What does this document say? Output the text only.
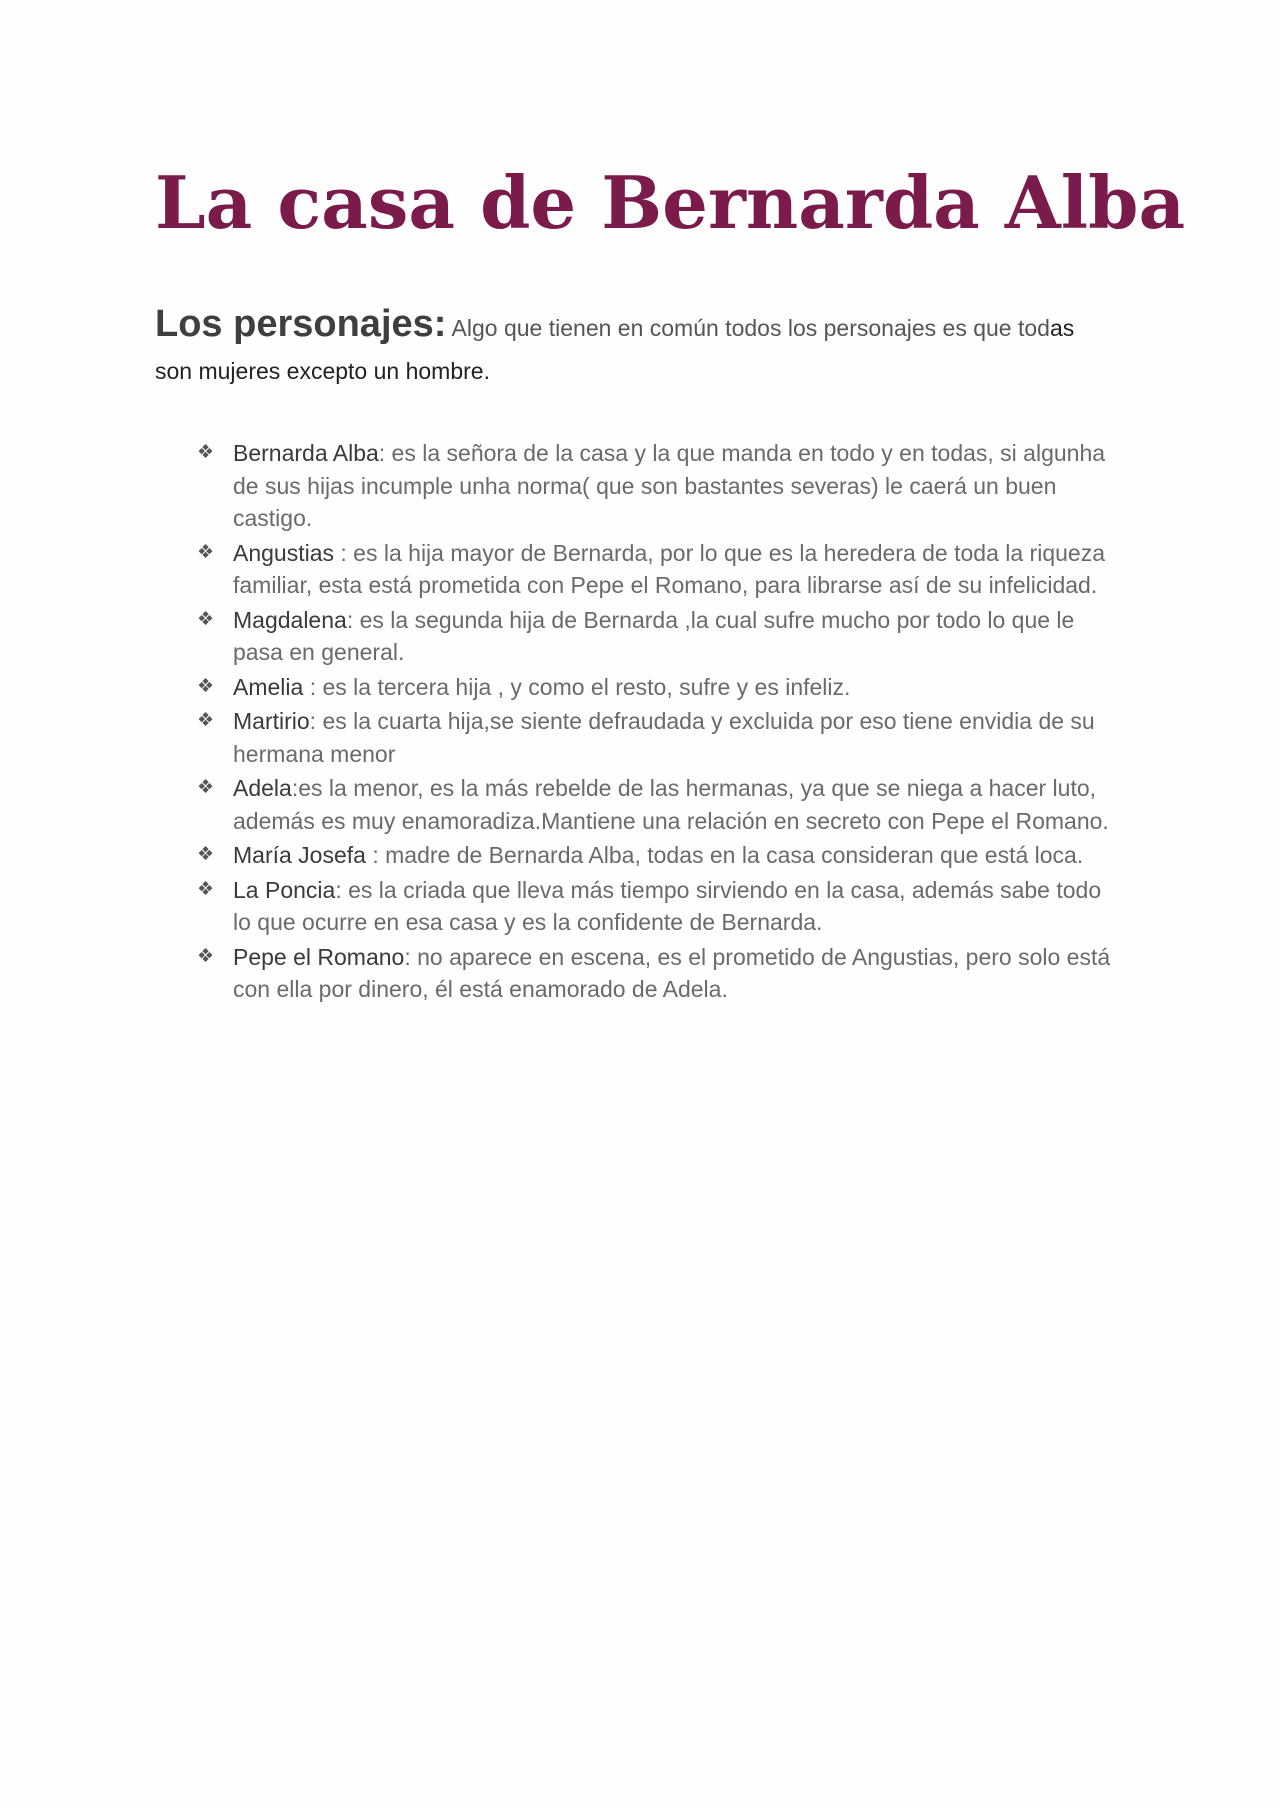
La casa de Bernarda Alba

Los personajes: Algo que tienen en común todos los personajes es que todas son mujeres excepto un hombre.

❖ Bernarda Alba: es la señora de la casa y la que manda en todo y en todas, si algunha de sus hijas incumple unha norma( que son bastantes severas) le caerá un buen castigo.
❖ Angustias : es la hija mayor de Bernarda, por lo que es la heredera de toda la riqueza familiar, esta está prometida con Pepe el Romano, para librarse así de su infelicidad.
❖ Magdalena: es la segunda hija de Bernarda ,la cual sufre mucho por todo lo que le pasa en general.
❖ Amelia : es la tercera hija , y como el resto, sufre y es infeliz.
❖ Martirio: es la cuarta hija,se siente defraudada y excluida por eso tiene envidia de su hermana menor
❖ Adela:es la menor, es la más rebelde de las hermanas, ya que se niega a hacer luto, además es muy enamoradiza.Mantiene una relación en secreto con Pepe el Romano.
❖ María Josefa : madre de Bernarda Alba, todas en la casa consideran que está loca.
❖ La Poncia: es la criada que lleva más tiempo sirviendo en la casa, además sabe todo lo que ocurre en esa casa y es la confidente de Bernarda.
❖ Pepe el Romano: no aparece en escena, es el prometido de Angustias, pero solo está con ella por dinero, él está enamorado de Adela.
